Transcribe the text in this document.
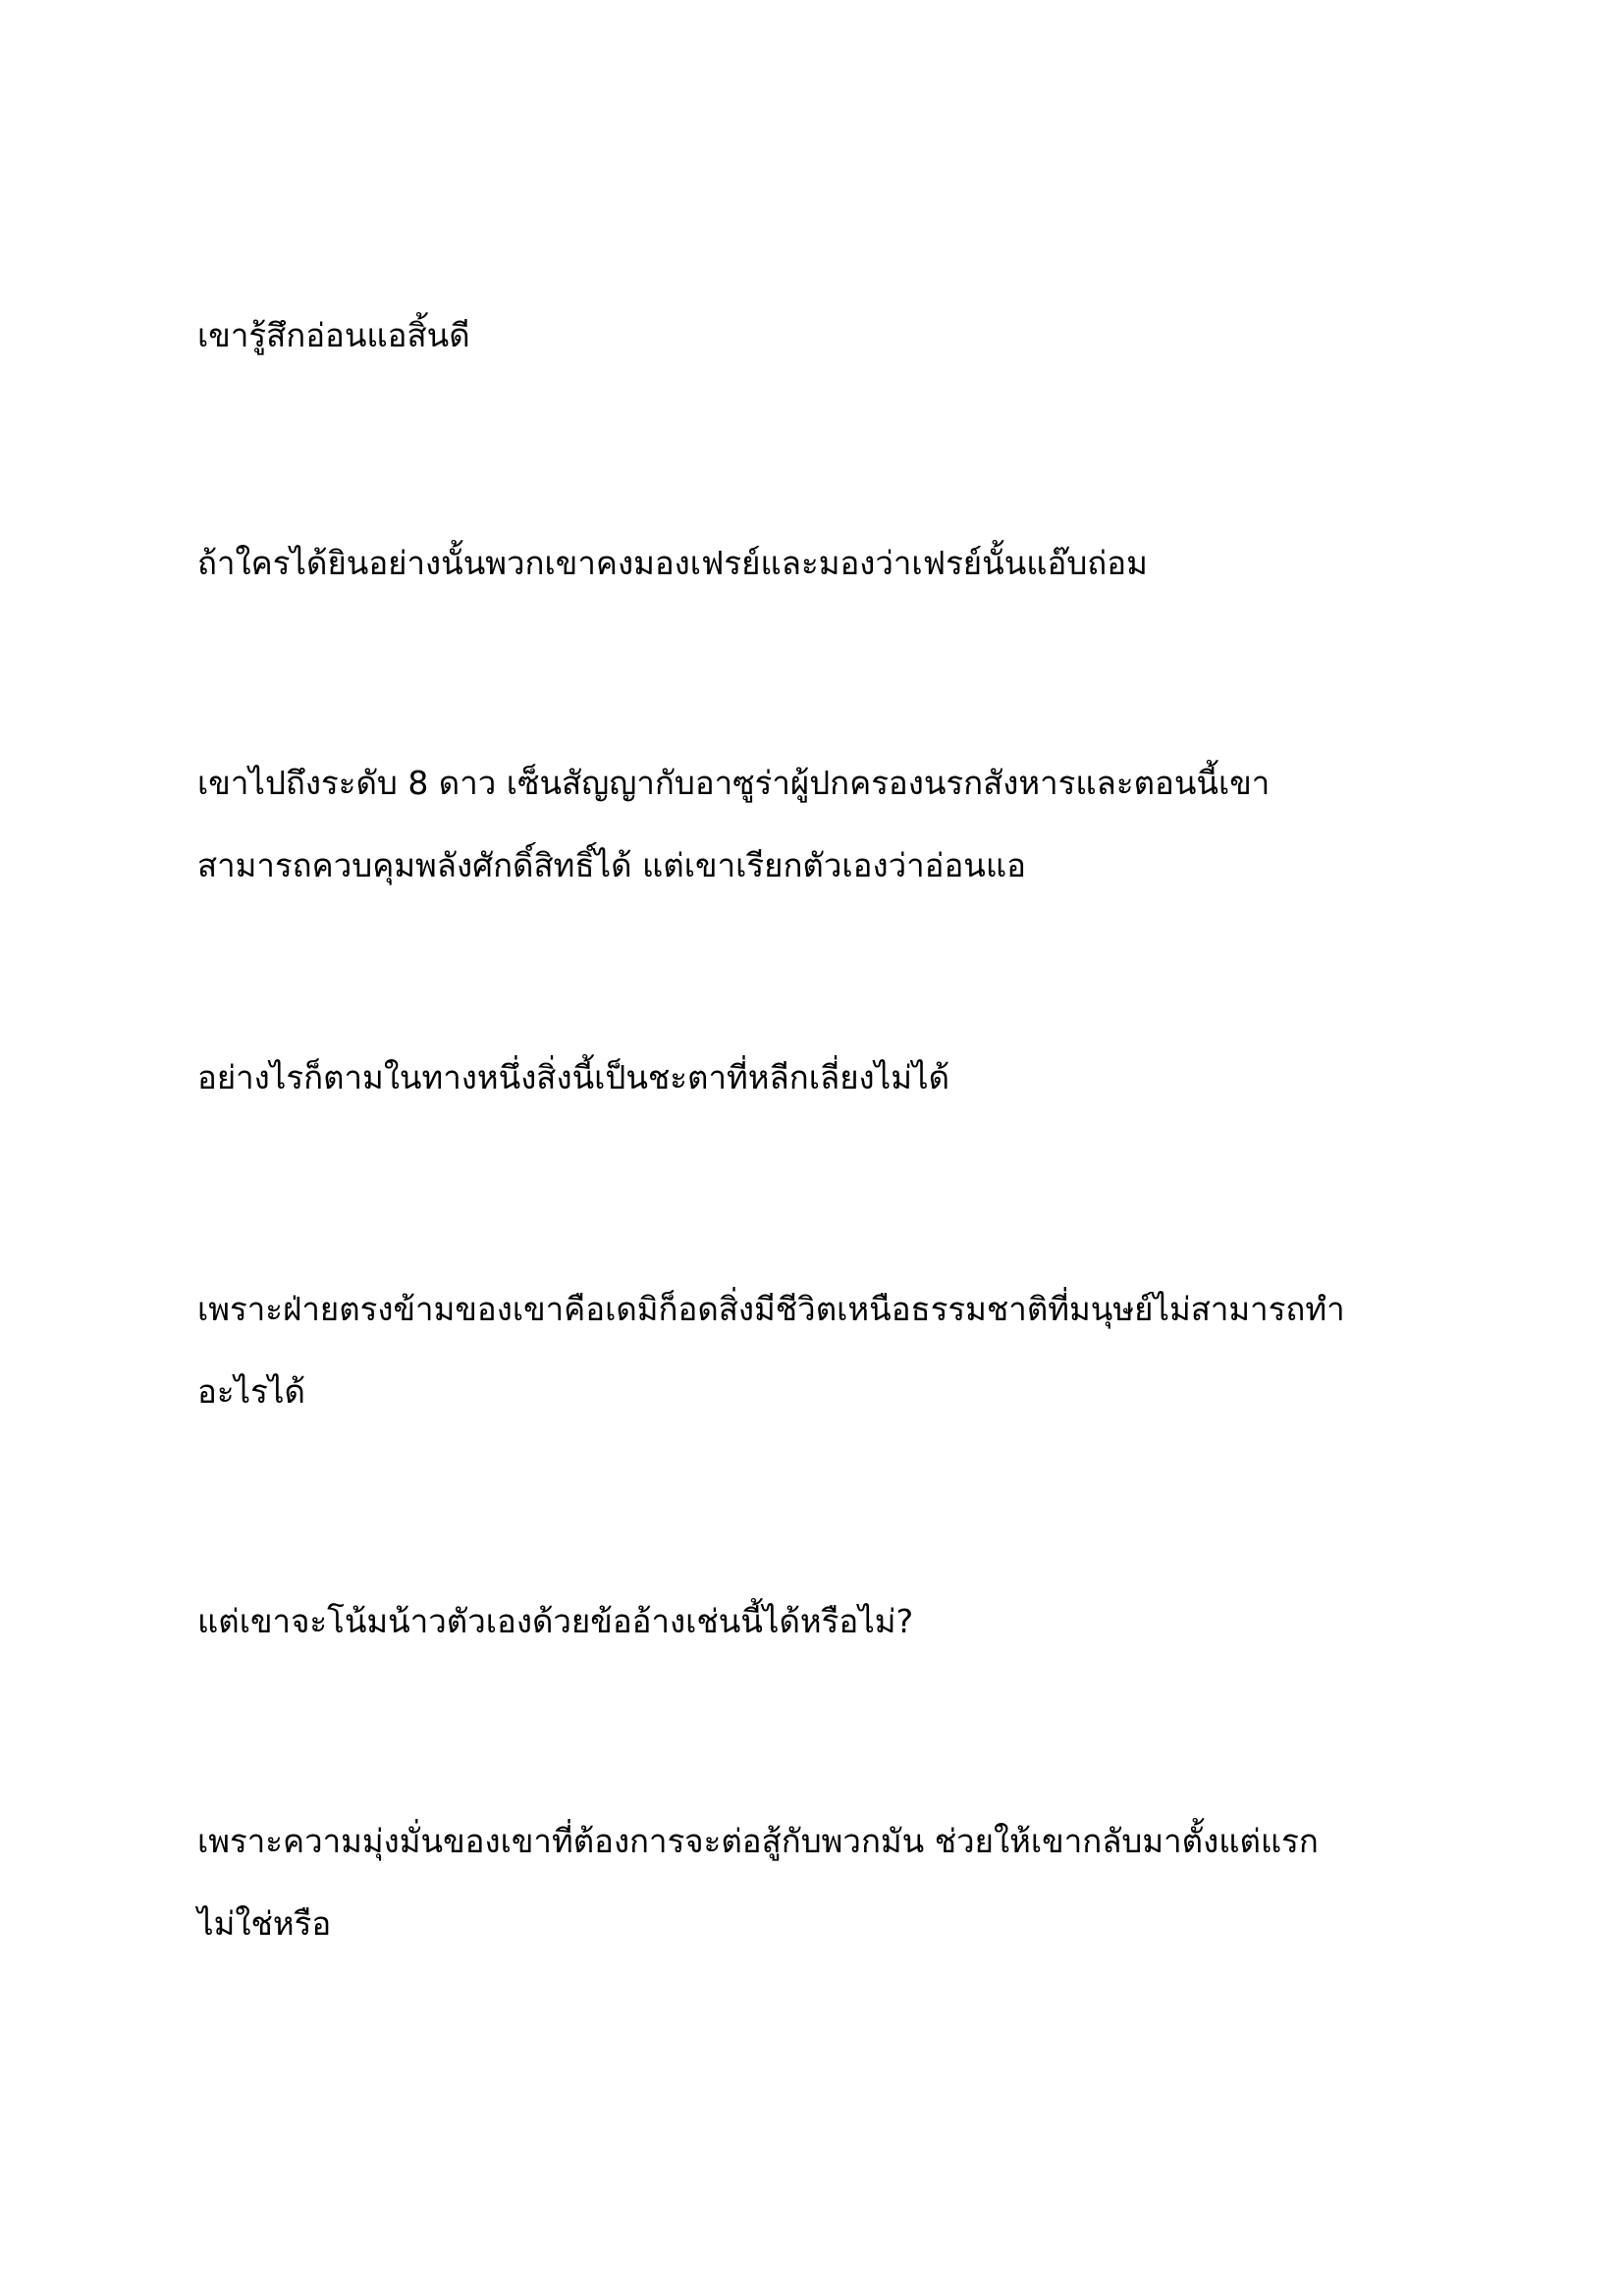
เขารู้สึกอ่อนแอสิ้นดี

ถ้าใครได้ยินอย่างนั้นพวกเขาคงมองเฟรย์และมองว่าเฟรย์นั้นแอ๊บถ่อม

เขาไปถึงระดับ 8 ดาว เซ็นสัญญากับอาซูร่าผู้ปกครองนรกสังหารและตอนนี้เขา
สามารถควบคุมพลังศักดิ์สิทธิ์ได้ แต่เขาเรียกตัวเองว่าอ่อนแอ

อย่างไรก็ตามในทางหนึ่งสิ่งนี้เป็นชะตาที่หลีกเลี่ยงไม่ได้

เพราะฝ่ายตรงข้ามของเขาคือเดมิก็อดสิ่งมีชีวิตเหนือธรรมชาติที่มนุษย์ไม่สามารถทำ
อะไรได้

แต่เขาจะโน้มน้าวตัวเองด้วยข้ออ้างเช่นนี้ได้หรือไม่?

เพราะความมุ่งมั่นของเขาที่ต้องการจะต่อสู้กับพวกมัน ช่วยให้เขากลับมาตั้งแต่แรก
ไม่ใช่หรือ
